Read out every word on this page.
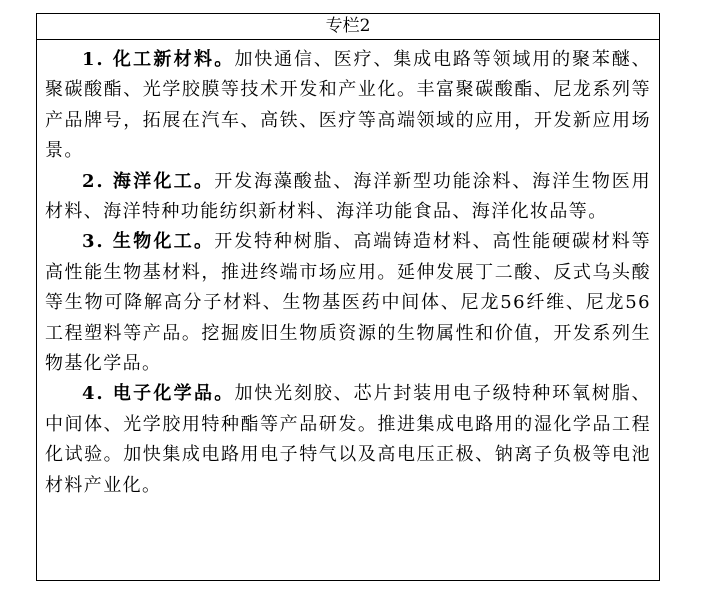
专栏2

1. 化工新材料。加快通信、医疗、集成电路等领域用的聚苯醚、聚碳酸酯、光学胶膜等技术开发和产业化。丰富聚碳酸酯、尼龙系列等产品牌号，拓展在汽车、高铁、医疗等高端领域的应用，开发新应用场景。

2. 海洋化工。开发海藻酸盐、海洋新型功能涂料、海洋生物医用材料、海洋特种功能纺织新材料、海洋功能食品、海洋化妆品等。

3. 生物化工。开发特种树脂、高端铸造材料、高性能硬碳材料等高性能生物基材料，推进终端市场应用。延伸发展丁二酸、反式乌头酸等生物可降解高分子材料、生物基医药中间体、尼龙56纤维、尼龙56工程塑料等产品。挖掘废旧生物质资源的生物属性和价值，开发系列生物基化学品。

4. 电子化学品。加快光刻胶、芯片封装用电子级特种环氧树脂、中间体、光学胶用特种酯等产品研发。推进集成电路用的湿化学品工程化试验。加快集成电路用电子特气以及高电压正极、钠离子负极等电池材料产业化。
